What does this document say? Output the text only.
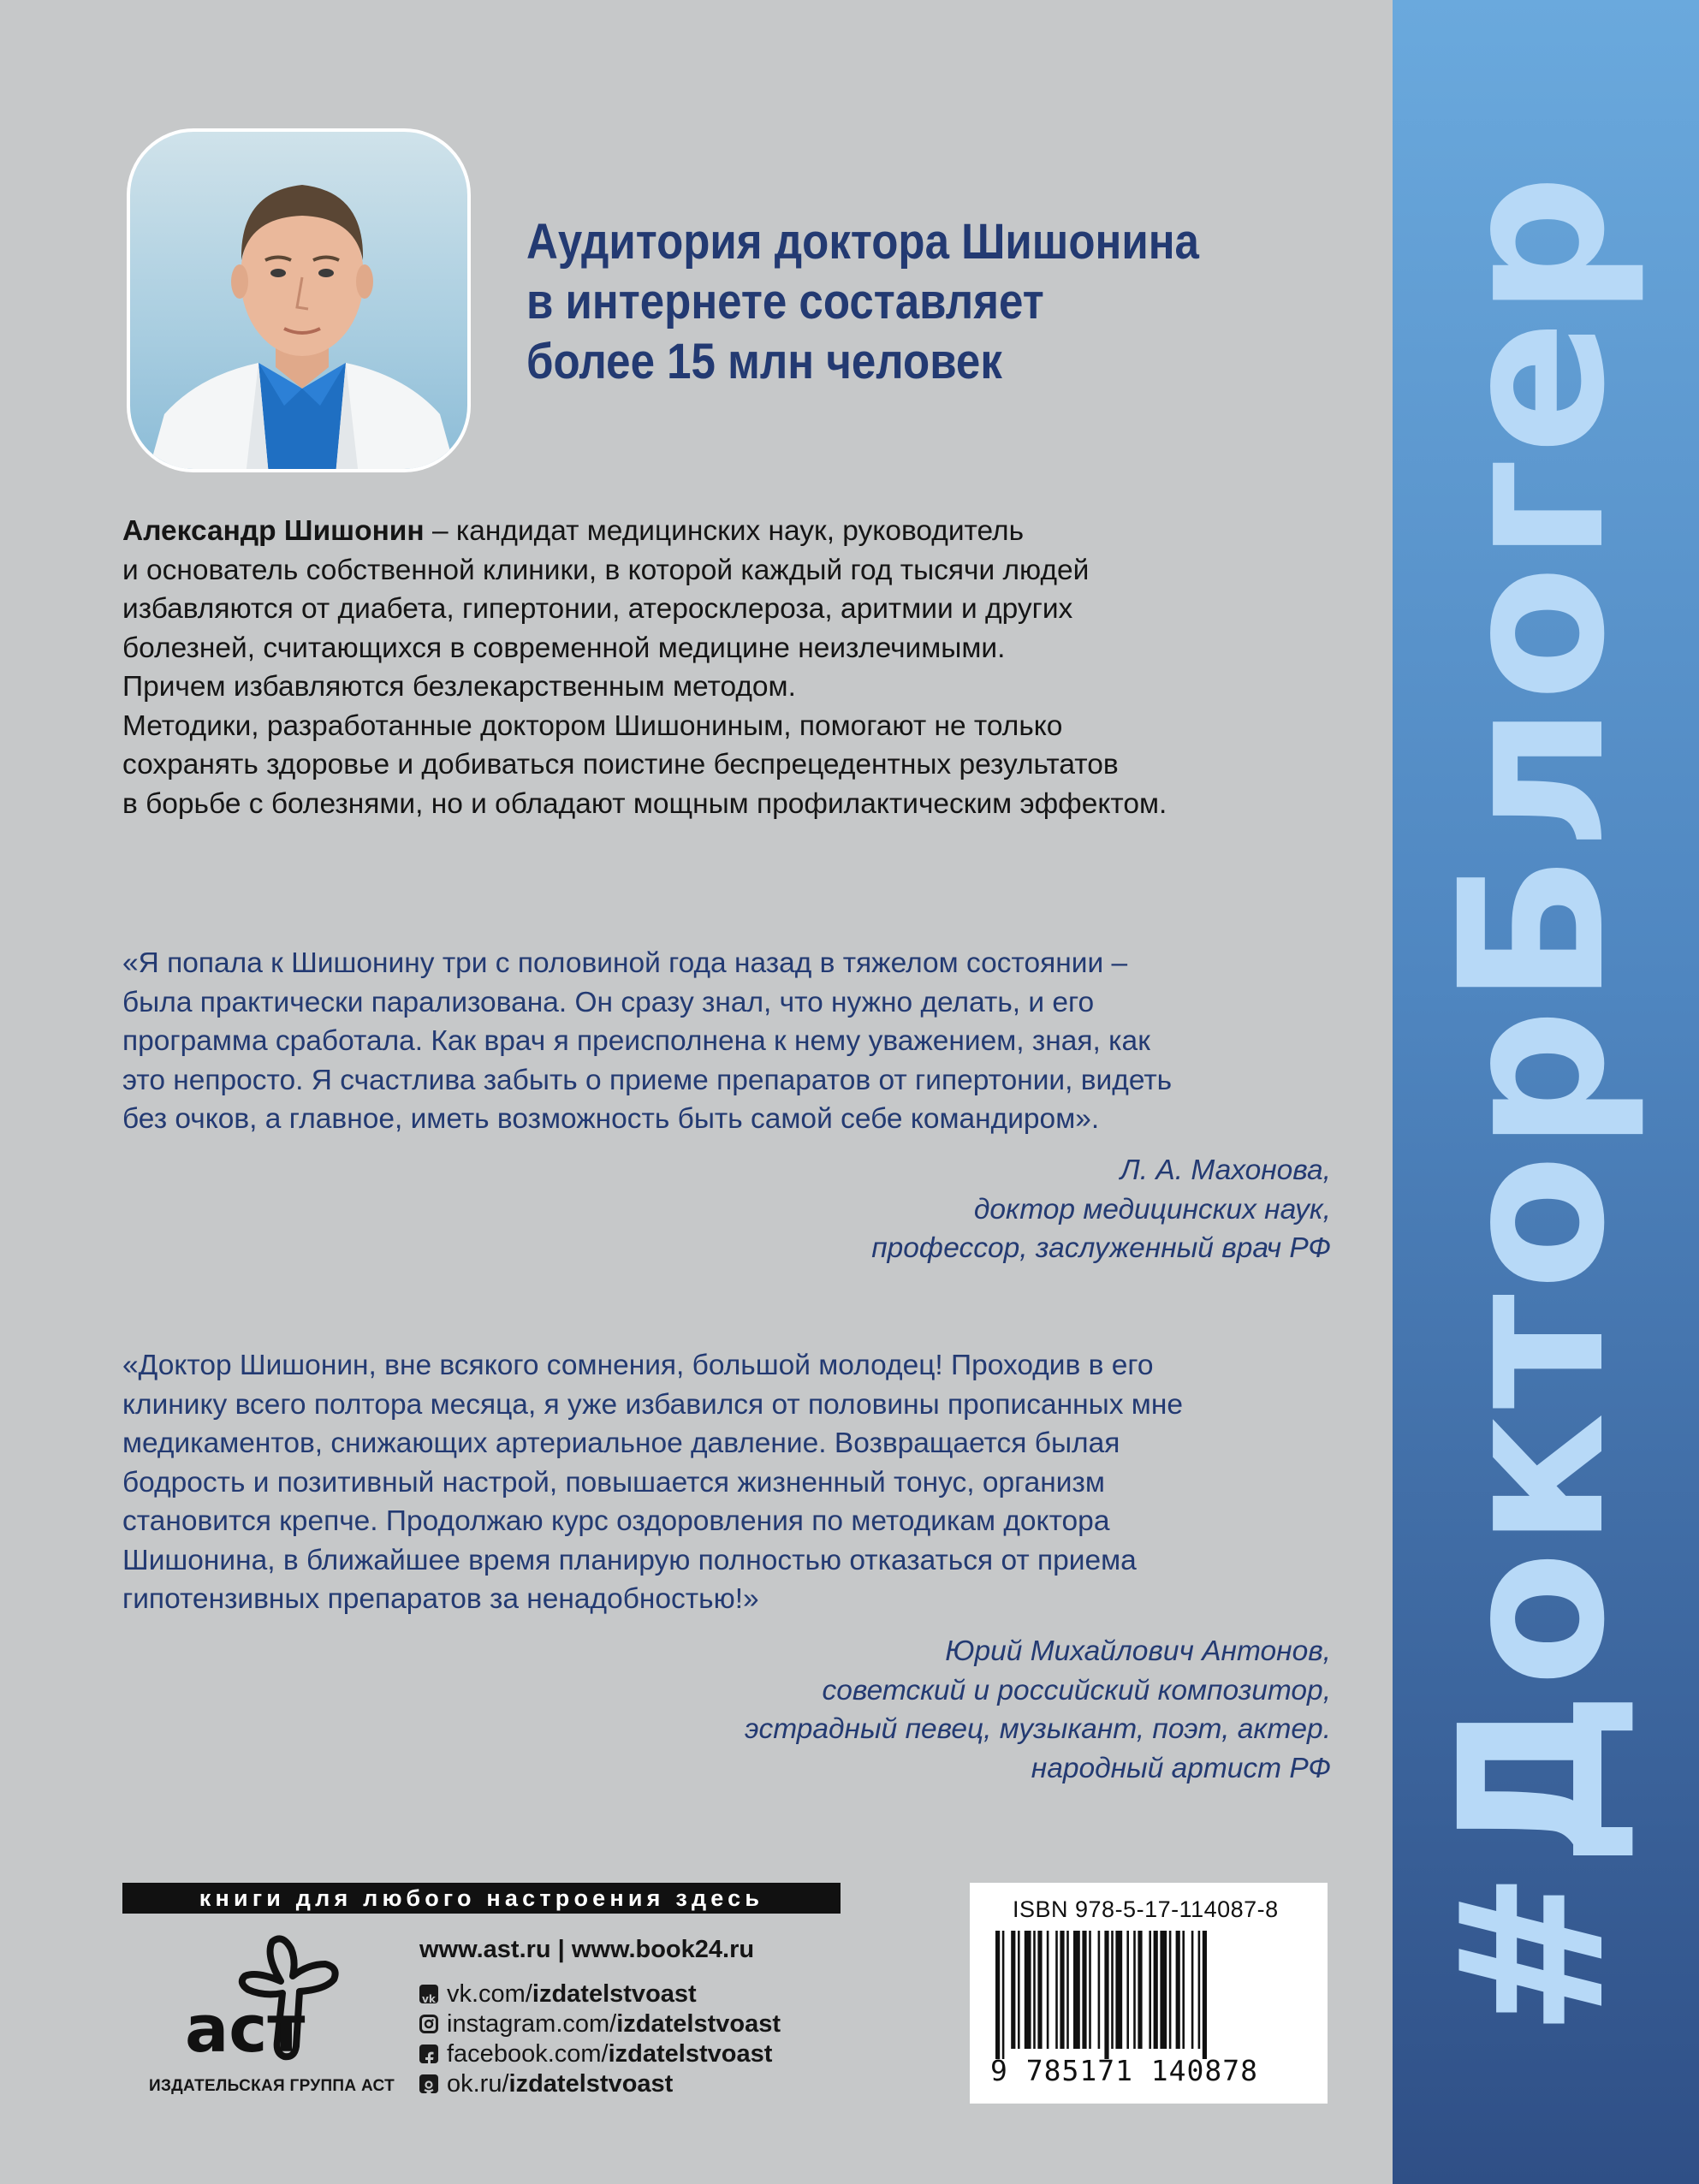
#ДокторБлогер
Аудитория доктора Шишонина
в интернете составляет
более 15 млн человек
Александр Шишонин – кандидат медицинских наук, руководитель
и основатель собственной клиники, в которой каждый год тысячи людей
избавляются от диабета, гипертонии, атеросклероза, аритмии и других
болезней, считающихся в современной медицине неизлечимыми.
Причем избавляются безлекарственным методом.
Методики, разработанные доктором Шишониным, помогают не только
сохранять здоровье и добиваться поистине беспрецедентных результатов
в борьбе с болезнями, но и обладают мощным профилактическим эффектом.
«Я попала к Шишонину три с половиной года назад в тяжелом состоянии –
была практически парализована. Он сразу знал, что нужно делать, и его
программа сработала. Как врач я преисполнена к нему уважением, зная, как
это непросто. Я счастлива забыть о приеме препаратов от гипертонии, видеть
без очков, а главное, иметь возможность быть самой себе командиром».
Л. А. Махонова,
доктор медицинских наук,
профессор, заслуженный врач РФ
«Доктор Шишонин, вне всякого сомнения, большой молодец! Проходив в его
клинику всего полтора месяца, я уже избавился от половины прописанных мне
медикаментов, снижающих артериальное давление. Возвращается былая
бодрость и позитивный настрой, повышается жизненный тонус, организм
становится крепче. Продолжаю курс оздоровления по методикам доктора
Шишонина, в ближайшее время планирую полностью отказаться от приема
гипотензивных препаратов за ненадобностью!»
Юрий Михайлович Антонов,
советский и российский композитор,
эстрадный певец, музыкант, поэт, актер.
народный артист РФ
книги для любого настроения здесь
аст
ИЗДАТЕЛЬСКАЯ ГРУППА АСТ
www.ast.ru | www.book24.ru
vk vk.com/ izdatelstvoast
instagram.com/ izdatelstvoast
facebook.com/ izdatelstvoast
ok.ru/ izdatelstvoast
ISBN 978-5-17-114087-8
9 785171 140878
